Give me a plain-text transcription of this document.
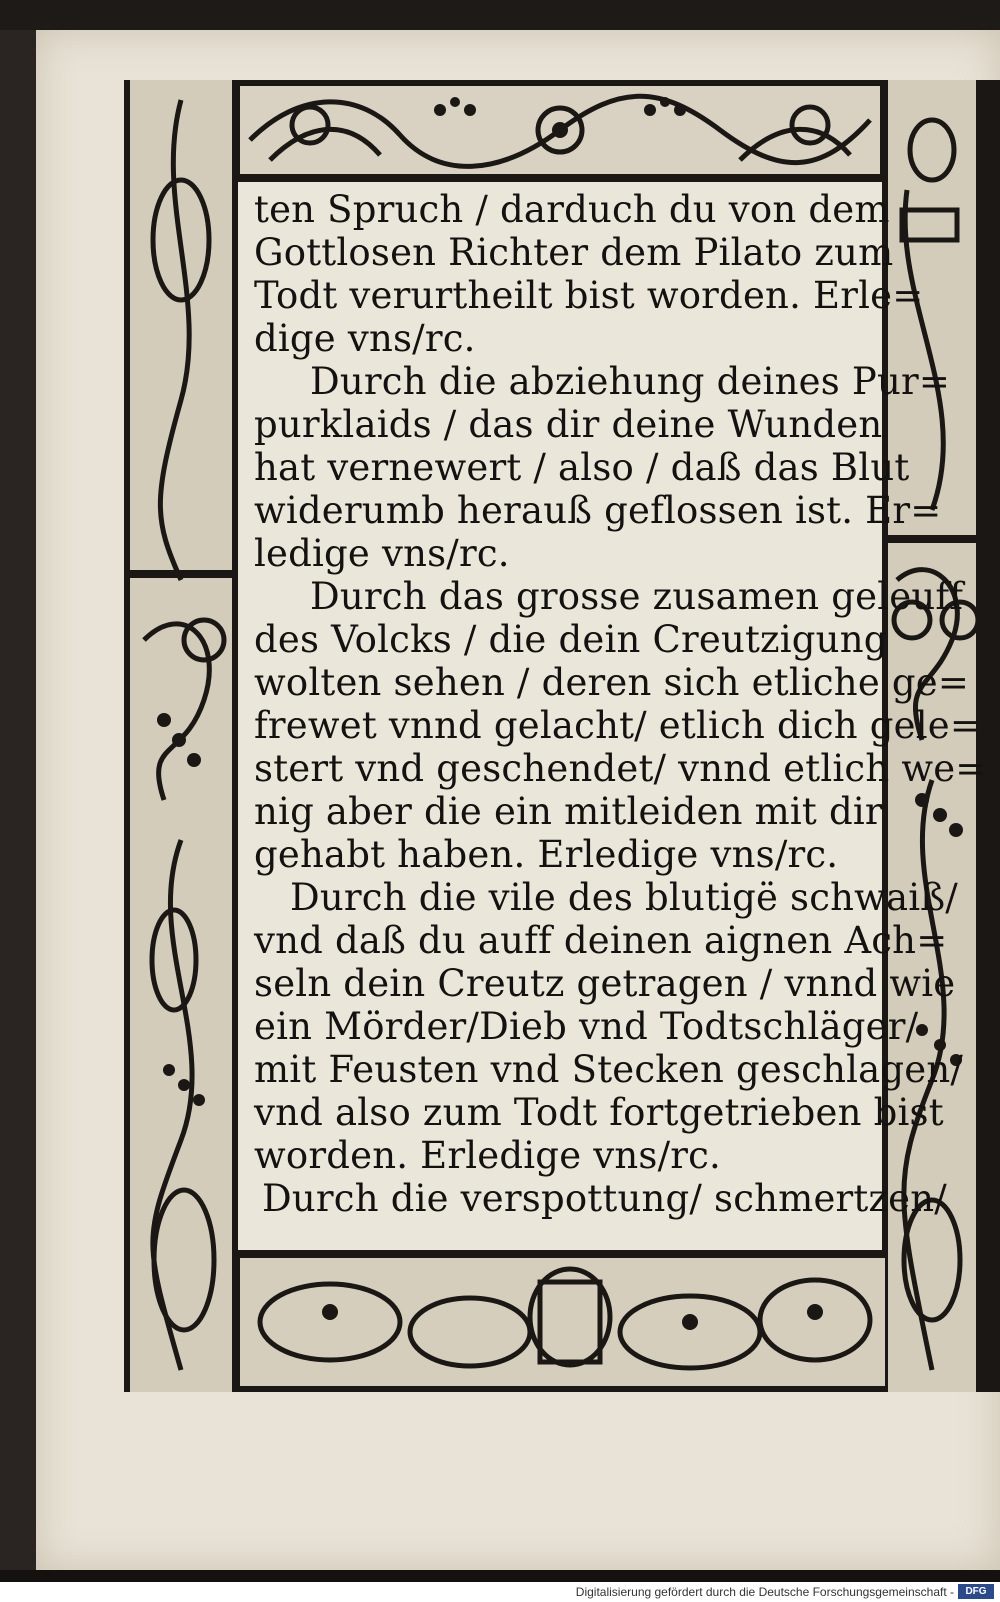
ten Spruch / darduch du von dem
Gottlosen Richter dem Pilato zum
Todt verurtheilt bist worden. Erle=
dige vns/rc.
Durch die abziehung deines Pur=
purklaids / das dir deine Wunden
hat vernewert / also / daß das Blut
widerumb herauß geflossen ist. Er=
ledige vns/rc.
Durch das grosse zusamen geleuff
des Volcks / die dein Creutzigung
wolten sehen / deren sich etliche ge=
frewet vnnd gelacht/ etlich dich gele=
stert vnd geschendet/ vnnd etlich we=
nig aber die ein mitleiden mit dir
gehabt haben. Erledige vns/rc.
Durch die vile des blutigë schwaiß/
vnd daß du auff deinen aignen Ach=
seln dein Creutz getragen / vnnd wie
ein Mörder/Dieb vnd Todtschläger/
mit Feusten vnd Stecken geschlagen/
vnd also zum Todt fortgetrieben bist
worden. Erledige vns/rc.
Durch die verspottung/ schmertzen/
Digitalisierung gefördert durch die Deutsche Forschungsgemeinschaft -	DFG
